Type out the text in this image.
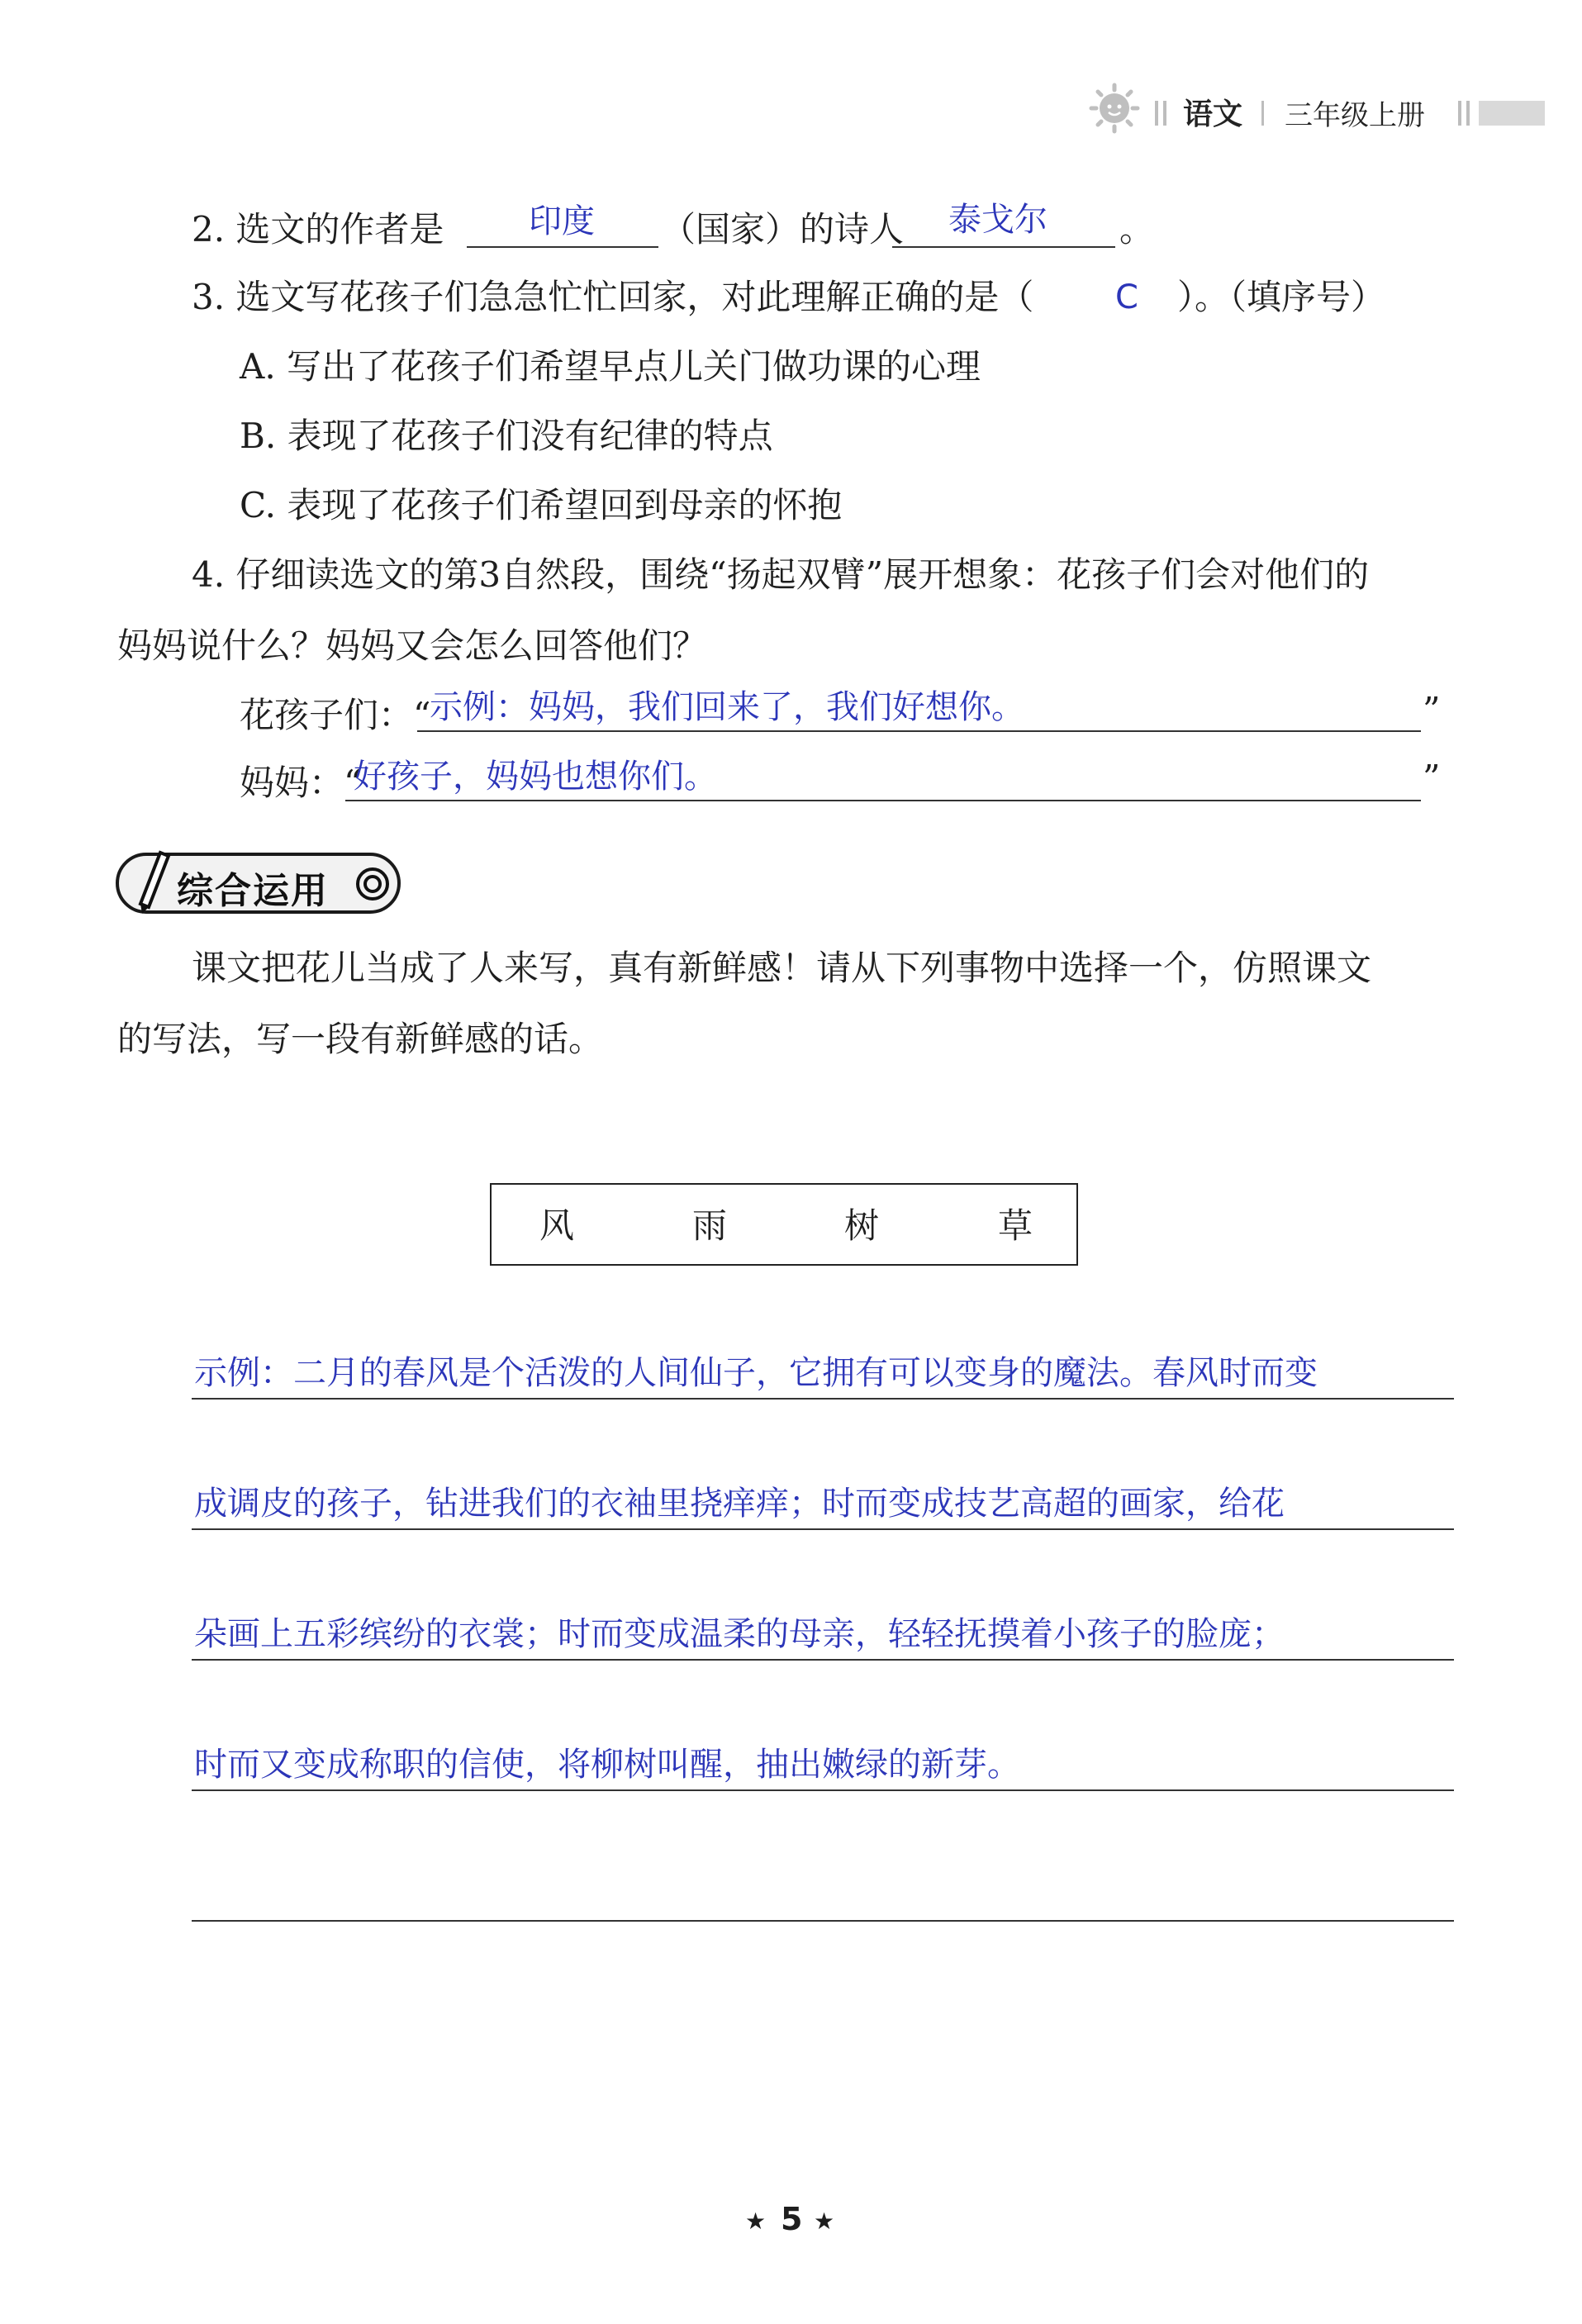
语文 三年级上册
2. 选文的作者是	印度 （国家）的诗人 泰戈尔 。
3. 选文写花孩子们急急忙忙回家，对此理解正确的是（ C ）。（填序号）
A. 写出了花孩子们希望早点儿关门做功课的心理
B. 表现了花孩子们没有纪律的特点
C. 表现了花孩子们希望回到母亲的怀抱
4. 仔细读选文的第3自然段，围绕“扬起双臂”展开想象：花孩子们会对他们的
妈妈说什么？妈妈又会怎么回答他们？
花孩子们：“
示例：妈妈，我们回来了，我们好想你。	”
妈妈：“
好孩子，妈妈也想你们。	”
综合运用
课文把花儿当成了人来写，真有新鲜感！请从下列事物中选择一个，仿照课文
的写法，写一段有新鲜感的话。
风	雨	树	草
示例：二月的春风是个活泼的人间仙子，它拥有可以变身的魔法。春风时而变
成调皮的孩子，钻进我们的衣袖里挠痒痒；时而变成技艺高超的画家，给花
朵画上五彩缤纷的衣裳；时而变成温柔的母亲，轻轻抚摸着小孩子的脸庞；
时而又变成称职的信使，将柳树叫醒，抽出嫩绿的新芽。
★ 5 ★
